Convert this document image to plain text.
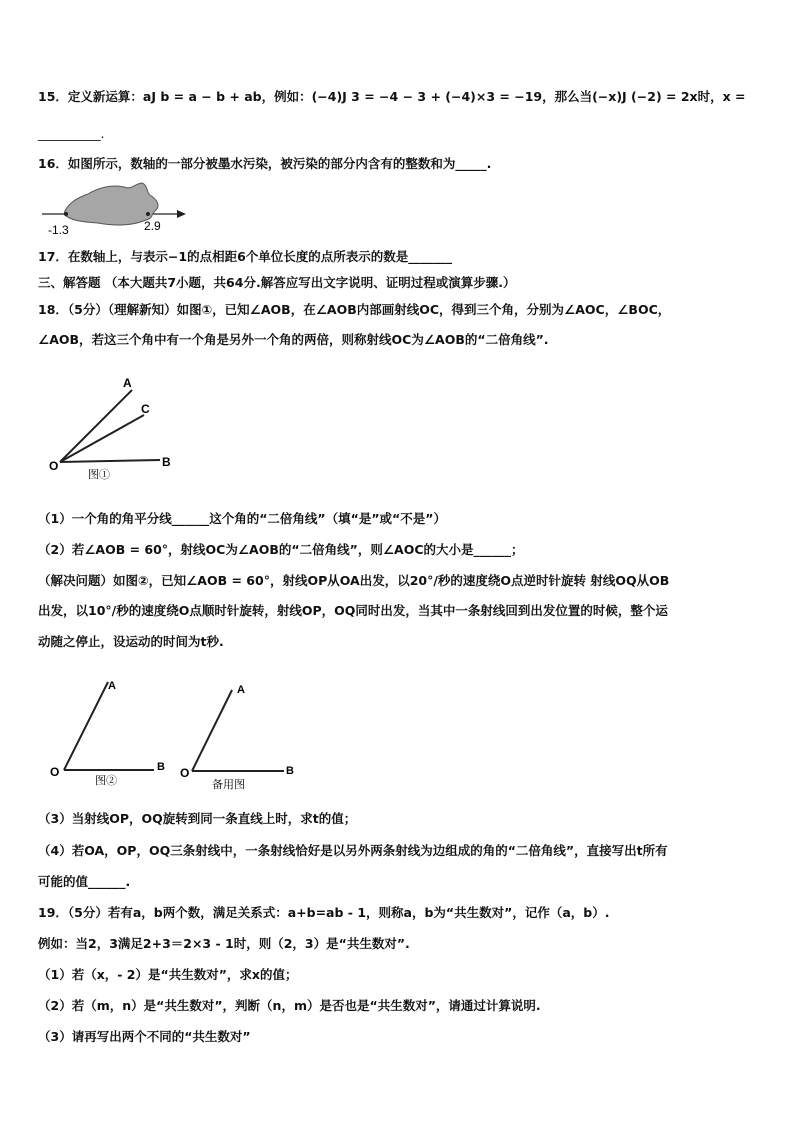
15．定义新运算：aJ b = a − b + ab，例如：(−4)J 3 = −4 − 3 + (−4)×3 = −19，那么当(−x)J (−2) = 2x时，x =
__________.
16．如图所示，数轴的一部分被墨水污染，被污染的部分内含有的整数和为_____.
-1.3	2.9
17．在数轴上，与表示−1的点相距6个单位长度的点所表示的数是_______
三、解答题 （本大题共7小题，共64分.解答应写出文字说明、证明过程或演算步骤.）
18．（5分）（理解新知）如图①，已知∠AOB，在∠AOB内部画射线OC，得到三个角，分别为∠AOC，∠BOC，
∠AOB，若这三个角中有一个角是另外一个角的两倍，则称射线OC为∠AOB的“二倍角线”.
A
C
O	B
图①
（1）一个角的角平分线______这个角的“二倍角线”（填“是”或“不是”）
（2）若∠AOB = 60°，射线OC为∠AOB的“二倍角线”，则∠AOC的大小是______；
（解决问题）如图②，已知∠AOB = 60°，射线OP从OA出发，以20°/秒的速度绕O点逆时针旋转 射线OQ从OB
出发，以10°/秒的速度绕O点顺时针旋转，射线OP，OQ同时出发，当其中一条射线回到出发位置的时候，整个运
动随之停止，设运动的时间为t秒.
A
O	B
图②
A
O	B
备用图
（3）当射线OP，OQ旋转到同一条直线上时，求t的值；
（4）若OA，OP，OQ三条射线中，一条射线恰好是以另外两条射线为边组成的角的“二倍角线”，直接写出t所有
可能的值______.
19．（5分）若有a，b两个数，满足关系式：a+b=ab - 1，则称a，b为“共生数对”，记作（a，b）.
例如：当2，3满足2+3＝2×3 - 1时，则（2，3）是“共生数对”.
（1）若（x，- 2）是“共生数对”，求x的值；
（2）若（m，n）是“共生数对”，判断（n，m）是否也是“共生数对”，请通过计算说明.
（3）请再写出两个不同的“共生数对”
